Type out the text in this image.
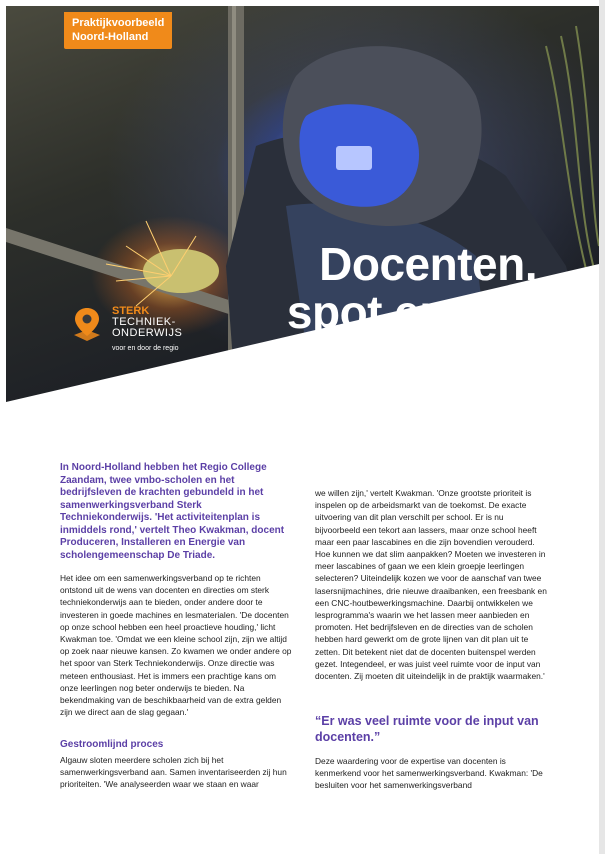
Praktijkvoorbeeld
Noord-Holland
STERK
TECHNIEK-
ONDERWIJS
voor en door de regio
Docenten,
spot en pak
je kans!
In Noord-Holland hebben het Regio College Zaandam, twee vmbo-scholen en het bedrijfsleven de krachten gebundeld in het samenwerkingsverband Sterk Techniekonderwijs. 'Het activiteitenplan is inmiddels rond,' vertelt Theo Kwakman, docent Produceren, Installeren en Energie van scholengemeenschap De Triade.

Het idee om een samenwerkingsverband op te richten ontstond uit de wens van docenten en directies om sterk techniekonderwijs aan te bieden, onder andere door te investeren in goede machines en lesmaterialen. 'De docenten op onze school hebben een heel proactieve houding,' licht Kwakman toe. 'Omdat we een kleine school zijn, zijn we altijd op zoek naar nieuwe kansen. Zo kwamen we onder andere op het spoor van Sterk Techniekonderwijs. Onze directie was meteen enthousiast. Het is immers een prachtige kans om onze leerlingen nog beter onderwijs te bieden. Na bekendmaking van de beschikbaarheid van de extra gelden zijn we direct aan de slag gegaan.'

Gestroomlijnd proces
Algauw sloten meerdere scholen zich bij het samenwerkingsverband aan. Samen inventariseerden zij hun prioriteiten. 'We analyseerden waar we staan en waar

we willen zijn,' vertelt Kwakman. 'Onze grootste prioriteit is inspelen op de arbeidsmarkt van de toekomst. De exacte uitvoering van dit plan verschilt per school. Er is nu bijvoorbeeld een tekort aan lassers, maar onze school heeft maar een paar lascabines en die zijn bovendien verouderd. Hoe kunnen we dat slim aanpakken? Moeten we investeren in meer lascabines of gaan we een klein groepje leerlingen selecteren? Uiteindelijk kozen we voor de aanschaf van twee lasersnijmachines, drie nieuwe draaibanken, een freesbank en een CNC-houtbewerkingsmachine. Daarbij ontwikkelen we lesprogramma's waarin we het lassen meer aanbieden en promoten. Het bedrijfsleven en de directies van de scholen hebben hard gewerkt om de grote lijnen van dit plan uit te zetten. Dit betekent niet dat de docenten buitenspel werden gezet. Integendeel, er was juist veel ruimte voor de input van docenten. Zij moeten dit uiteindelijk in de praktijk waarmaken.'

“Er was veel ruimte voor de input van docenten.”
Deze waardering voor de expertise van docenten is kenmerkend voor het samenwerkingsverband. Kwakman: 'De besluiten voor het samenwerkingsverband
